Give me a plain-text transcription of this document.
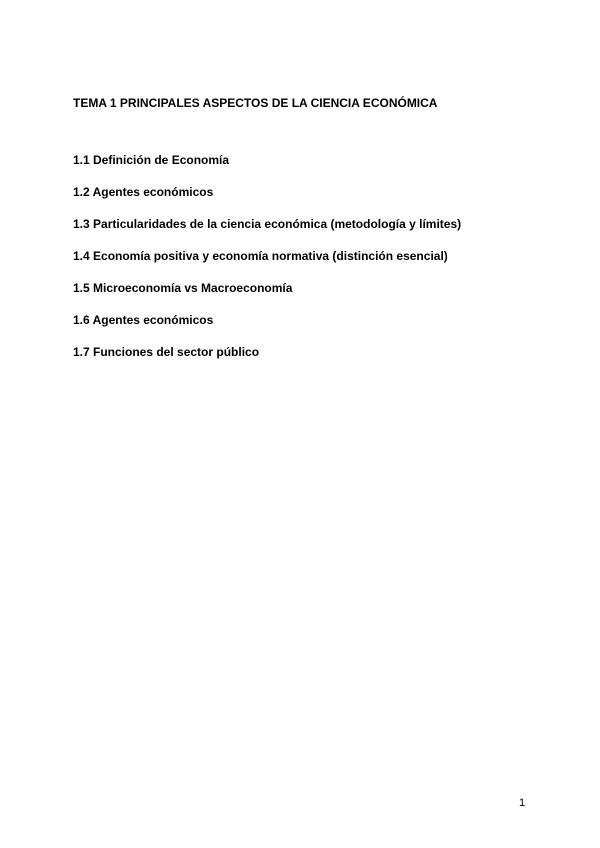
TEMA 1 PRINCIPALES ASPECTOS DE LA CIENCIA ECONÓMICA
1.1 Definición de Economía
1.2 Agentes económicos
1.3 Particularidades de la ciencia económica (metodología y límites)
1.4 Economía positiva y economía normativa (distinción esencial)
1.5 Microeconomía vs Macroeconomía
1.6 Agentes económicos
1.7 Funciones del sector público
1
